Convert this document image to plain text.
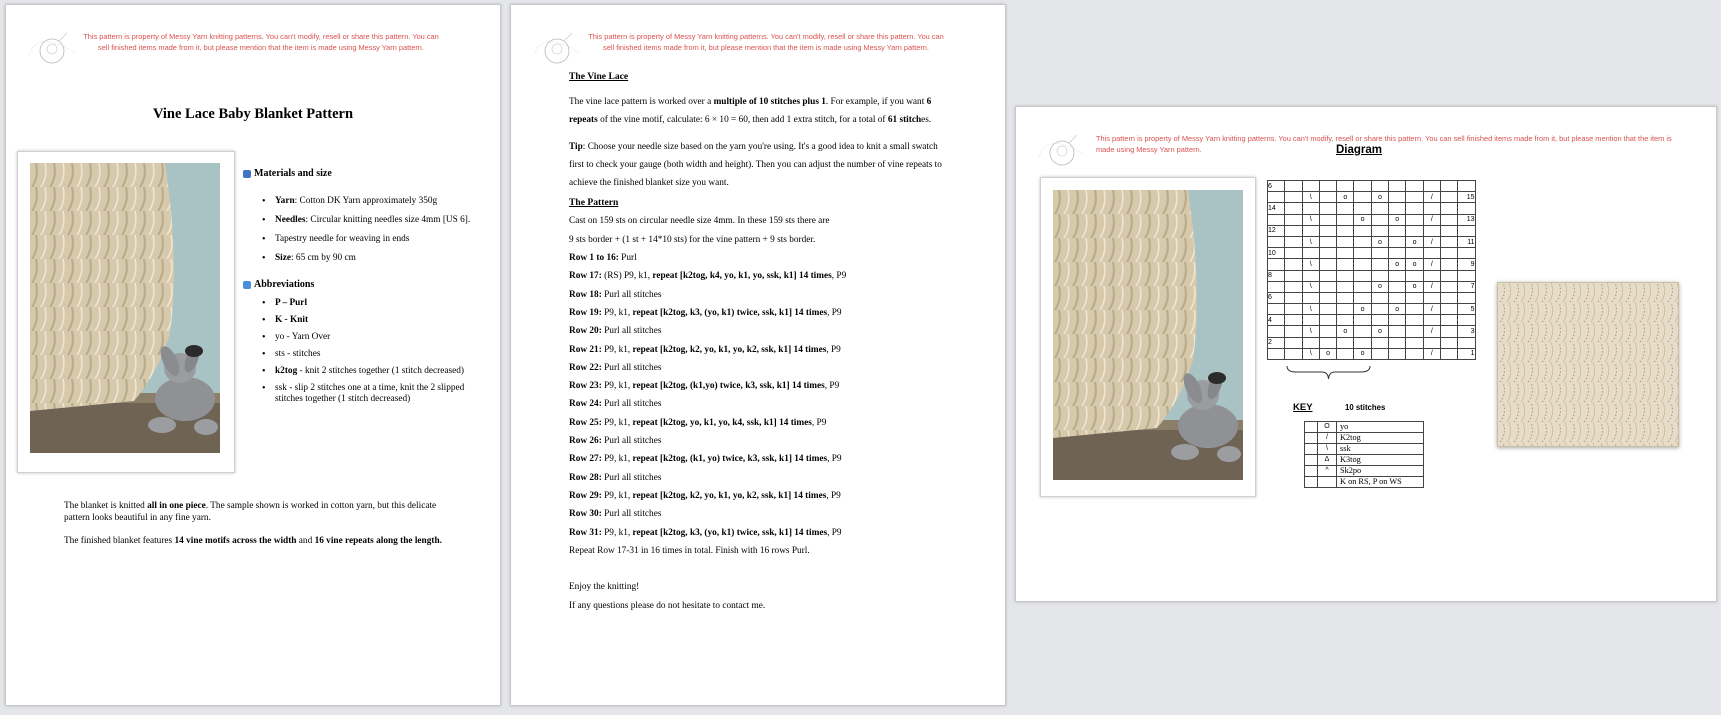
This pattern is property of Messy Yarn knitting patterns. You can't modify, resell or share this pattern. You can sell finished items made from it, but please mention that the item is made using Messy Yarn pattern.
Vine Lace Baby Blanket Pattern
Materials and size
• Yarn: Cotton DK Yarn approximately 350g
• Needles: Circular knitting needles size 4mm [US 6].
• Tapestry needle for weaving in ends
• Size: 65 cm by 90 cm
Abbreviations
• P – Purl
• K - Knit
• yo - Yarn Over
• sts - stitches
• k2tog - knit 2 stitches together (1 stitch decreased)
• ssk - slip 2 stitches one at a time, knit the 2 slipped stitches together (1 stitch decreased)

The blanket is knitted all in one piece. The sample shown is worked in cotton yarn, but this delicate pattern looks beautiful in any fine yarn.

The finished blanket features 14 vine motifs across the width and 16 vine repeats along the length.

This pattern is property of Messy Yarn knitting patterns. You can't modify, resell or share this pattern. You can sell finished items made from it, but please mention that the item is made using Messy Yarn pattern.
The Vine Lace
The vine lace pattern is worked over a multiple of 10 stitches plus 1. For example, if you want 6 repeats of the vine motif, calculate: 6 × 10 = 60, then add 1 extra stitch, for a total of 61 stitches.
Tip: Choose your needle size based on the yarn you're using. It's a good idea to knit a small swatch first to check your gauge (both width and height). Then you can adjust the number of vine repeats to achieve the finished blanket size you want.
The Pattern
Cast on 159 sts on circular needle size 4mm. In these 159 sts there are
9 sts border + (1 st + 14*10 sts) for the vine pattern + 9 sts border.
Row 1 to 16: Purl
Row 17: (RS) P9, k1, repeat [k2tog, k4, yo, k1, yo, ssk, k1] 14 times, P9
Row 18: Purl all stitches
Row 19: P9, k1, repeat [k2tog, k3, (yo, k1) twice, ssk, k1] 14 times, P9
Row 20: Purl all stitches
Row 21: P9, k1, repeat [k2tog, k2, yo, k1, yo, k2, ssk, k1] 14 times, P9
Row 22: Purl all stitches
Row 23: P9, k1, repeat [k2tog, (k1,yo) twice, k3, ssk, k1] 14 times, P9
Row 24: Purl all stitches
Row 25: P9, k1, repeat [k2tog, yo, k1, yo, k4, ssk, k1] 14 times, P9
Row 26: Purl all stitches
Row 27: P9, k1, repeat [k2tog, (k1, yo) twice, k3, ssk, k1] 14 times, P9
Row 28: Purl all stitches
Row 29: P9, k1, repeat [k2tog, k2, yo, k1, yo, k2, ssk, k1] 14 times, P9
Row 30: Purl all stitches
Row 31: P9, k1, repeat [k2tog, k3, (yo, k1) twice, ssk, k1] 14 times, P9
Repeat Row 17-31 in 16 times in total. Finish with 16 rows Purl.
Enjoy the knitting!
If any questions please do not hesitate to contact me.
This pattern is property of Messy Yarn knitting patterns. You can't modify, resell or share this pattern. You can sell finished items made from it, but please mention that the item is made using Messy Yarn pattern.	Diagram
6											
		\		o		o			/		15
14											
		\			o		o		/		13
12											
		\				o		o	/		11
10											
		\					o	o	/		9
8											
		\				o		o	/		7
6											
		\			o		o		/		5
4											
		\		o		o			/		3
2											
		\	o		o				/		1
KEY	10 stitches
	O	yo
	/	K2tog
	\	ssk
	Δ	K3tog
	^	Sk2po
		K on RS, P on WS
